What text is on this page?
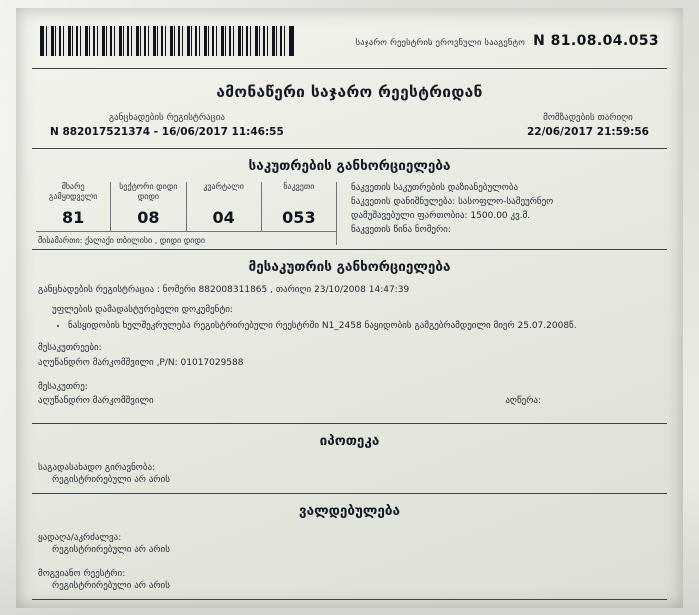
საჯარო რეესტრის ეროვნული სააგენტო N 81.08.04.053
ამონაწერი საჯარო რეესტრიდან
განცხადების რეგისტრაცია
N 882017521374 - 16/06/2017 11:46:55
მომზადების თარიღი
22/06/2017 21:59:56
საკუთრების განხორციელება
მხარე გამყიდველი
81
სექტორი დიდი დიდი
08
კვარტალი
04
ნაკვეთი
053
მისამართი: ქალაქი თბილისი , დიდი დიდი
ნაკვეთის საკუთრების დაზიანებულობა
ნაკვეთის დანიშნულება: სასოფლო-სამეურნეო
დამუშავებული ფართობია: 1500.00 კვ.მ.
ნაკვეთის წინა ნომერი:
მესაკუთრის განხორციელება
განცხადების რეგისტრაცია : ნომერი 882008311865 , თარიღი 23/10/2008 14:47:39
უფლების დამადასტურებელი დოკუმენტი:
• ნასყიდობის ხელშეკრულება რეგისტრირებული რეესტრში N1_2458 ნაყიდობის გამგებრამდეილი მიერ 25.07.2008წ.
მესაკუთრეები:
აღუწანდრო მარკომშვილი ,P/N: 01017029588
მესაკუთრე:
აღუწანდრო მარკომშვილი	აღწერა:
იპოთეკა
საგადასახადო გირავნობა:
რეგისტრირებული არ არის
ვალდებულება
ყადაღა/აკრძალვა:
რეგისტრირებული არ არის
მოგვიანო რეესტრი:
რეგისტრირებული არ არის
